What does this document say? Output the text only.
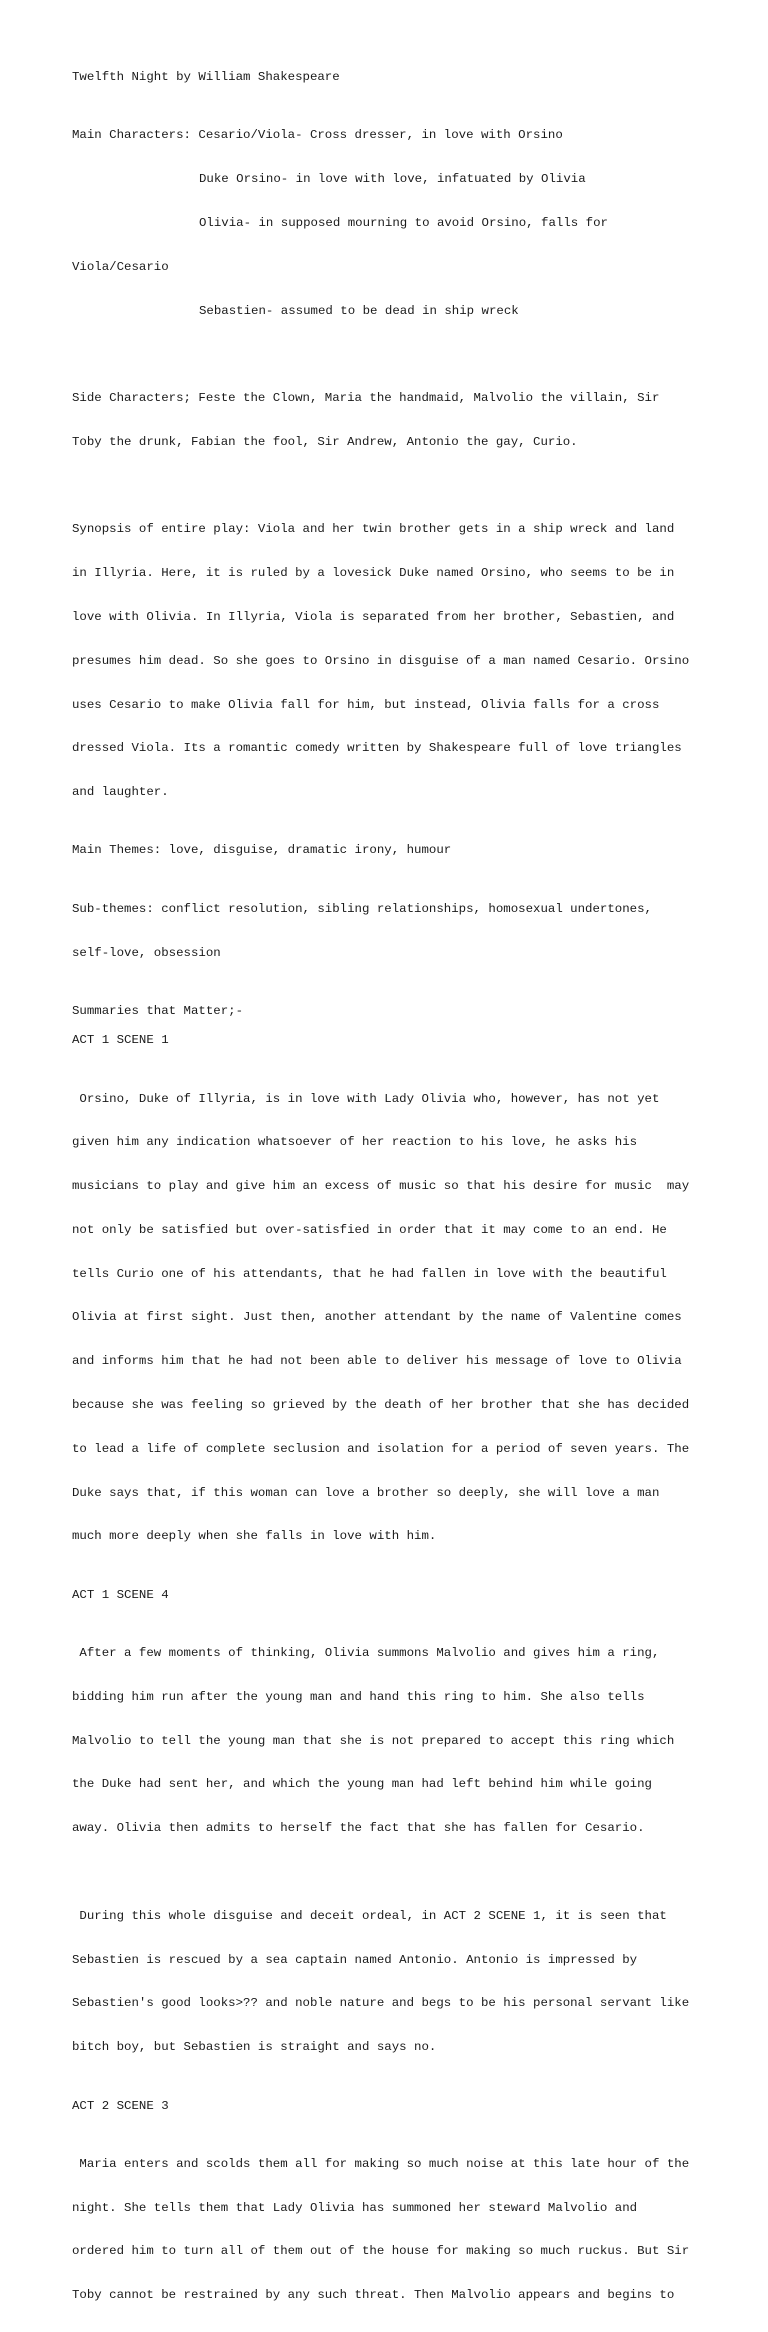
Twelfth Night by William Shakespeare

Main Characters: Cesario/Viola- Cross dresser, in love with Orsino

Duke Orsino- in love with love, infatuated by Olivia

Olivia- in supposed mourning to avoid Orsino, falls for

Viola/Cesario

Sebastien- assumed to be dead in ship wreck

Side Characters; Feste the Clown, Maria the handmaid, Malvolio the villain, Sir

Toby the drunk, Fabian the fool, Sir Andrew, Antonio the gay, Curio.

Synopsis of entire play: Viola and her twin brother gets in a ship wreck and land

in Illyria. Here, it is ruled by a lovesick Duke named Orsino, who seems to be in

love with Olivia. In Illyria, Viola is separated from her brother, Sebastien, and

presumes him dead. So she goes to Orsino in disguise of a man named Cesario. Orsino

uses Cesario to make Olivia fall for him, but instead, Olivia falls for a cross

dressed Viola. Its a romantic comedy written by Shakespeare full of love triangles

and laughter.

Main Themes: love, disguise, dramatic irony, humour

Sub-themes: conflict resolution, sibling relationships, homosexual undertones,

self-love, obsession

Summaries that Matter;-
ACT 1 SCENE 1

Orsino, Duke of Illyria, is in love with Lady Olivia who, however, has not yet

given him any indication whatsoever of her reaction to his love, he asks his

musicians to play and give him an excess of music so that his desire for music  may

not only be satisfied but over-satisfied in order that it may come to an end. He

tells Curio one of his attendants, that he had fallen in love with the beautiful

Olivia at first sight. Just then, another attendant by the name of Valentine comes

and informs him that he had not been able to deliver his message of love to Olivia

because she was feeling so grieved by the death of her brother that she has decided

to lead a life of complete seclusion and isolation for a period of seven years. The

Duke says that, if this woman can love a brother so deeply, she will love a man

much more deeply when she falls in love with him.

ACT 1 SCENE 4

After a few moments of thinking, Olivia summons Malvolio and gives him a ring,

bidding him run after the young man and hand this ring to him. She also tells

Malvolio to tell the young man that she is not prepared to accept this ring which

the Duke had sent her, and which the young man had left behind him while going

away. Olivia then admits to herself the fact that she has fallen for Cesario.

During this whole disguise and deceit ordeal, in ACT 2 SCENE 1, it is seen that

Sebastien is rescued by a sea captain named Antonio. Antonio is impressed by

Sebastien's good looks>?? and noble nature and begs to be his personal servant like

bitch boy, but Sebastien is straight and says no.

ACT 2 SCENE 3

Maria enters and scolds them all for making so much noise at this late hour of the

night. She tells them that Lady Olivia has summoned her steward Malvolio and

ordered him to turn all of them out of the house for making so much ruckus. But Sir

Toby cannot be restrained by any such threat. Then Malvolio appears and begins to
